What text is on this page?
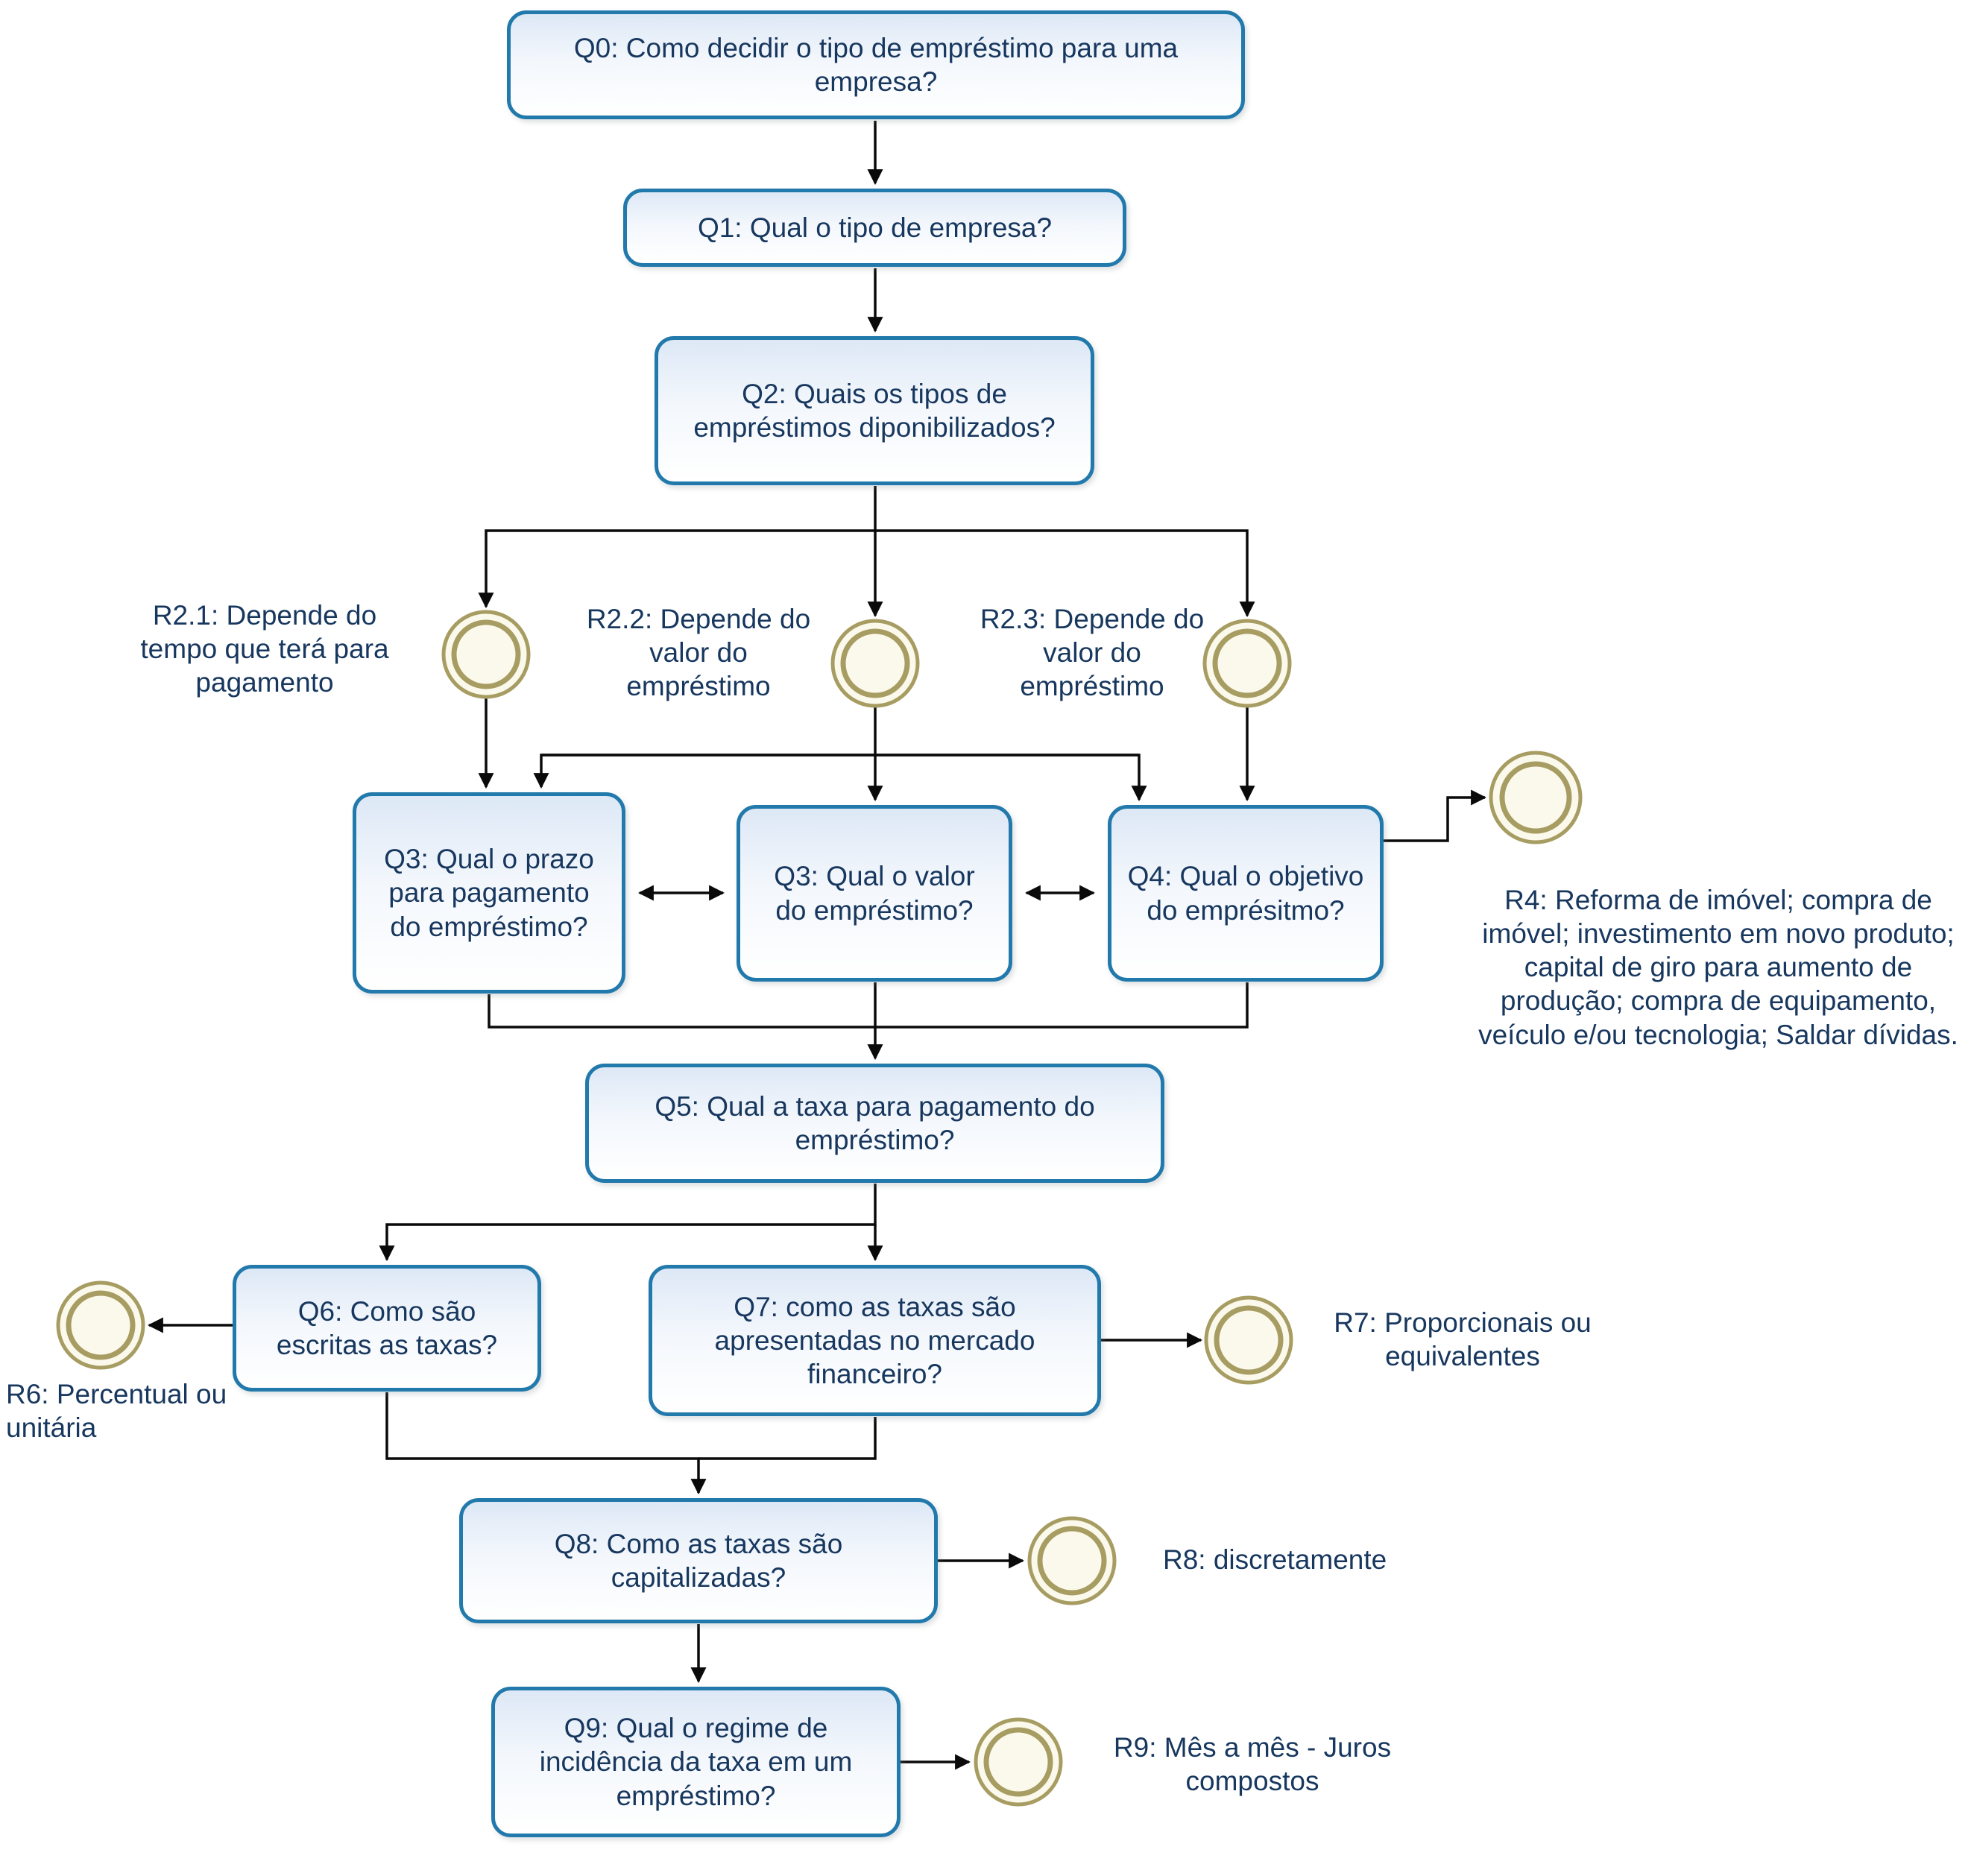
Q0: Como decidir o tipo de empréstimo para uma empresa?
Q1: Qual o tipo de empresa?
Q2: Quais os tipos de empréstimos diponibilizados?
Q3: Qual o prazo para pagamento do empréstimo?
Q3: Qual o valor do empréstimo?
Q4: Qual o objetivo do emprésitmo?
Q5: Qual a taxa para pagamento do empréstimo?
Q6: Como são escritas as taxas?
Q7: como as taxas são apresentadas no mercado financeiro?
Q8: Como as taxas são capitalizadas?
Q9: Qual o regime de incidência da taxa em um empréstimo?
R2.1: Depende do tempo que terá para pagamento
R2.2: Depende do valor do empréstimo
R2.3: Depende do valor do empréstimo
R4: Reforma de imóvel; compra de imóvel; investimento em novo produto; capital de giro para aumento de produção; compra de equipamento, veículo e/ou tecnologia; Saldar dívidas.
R6: Percentual ou unitária
R7: Proporcionais ou equivalentes
R8: discretamente
R9: Mês a mês - Juros compostos
